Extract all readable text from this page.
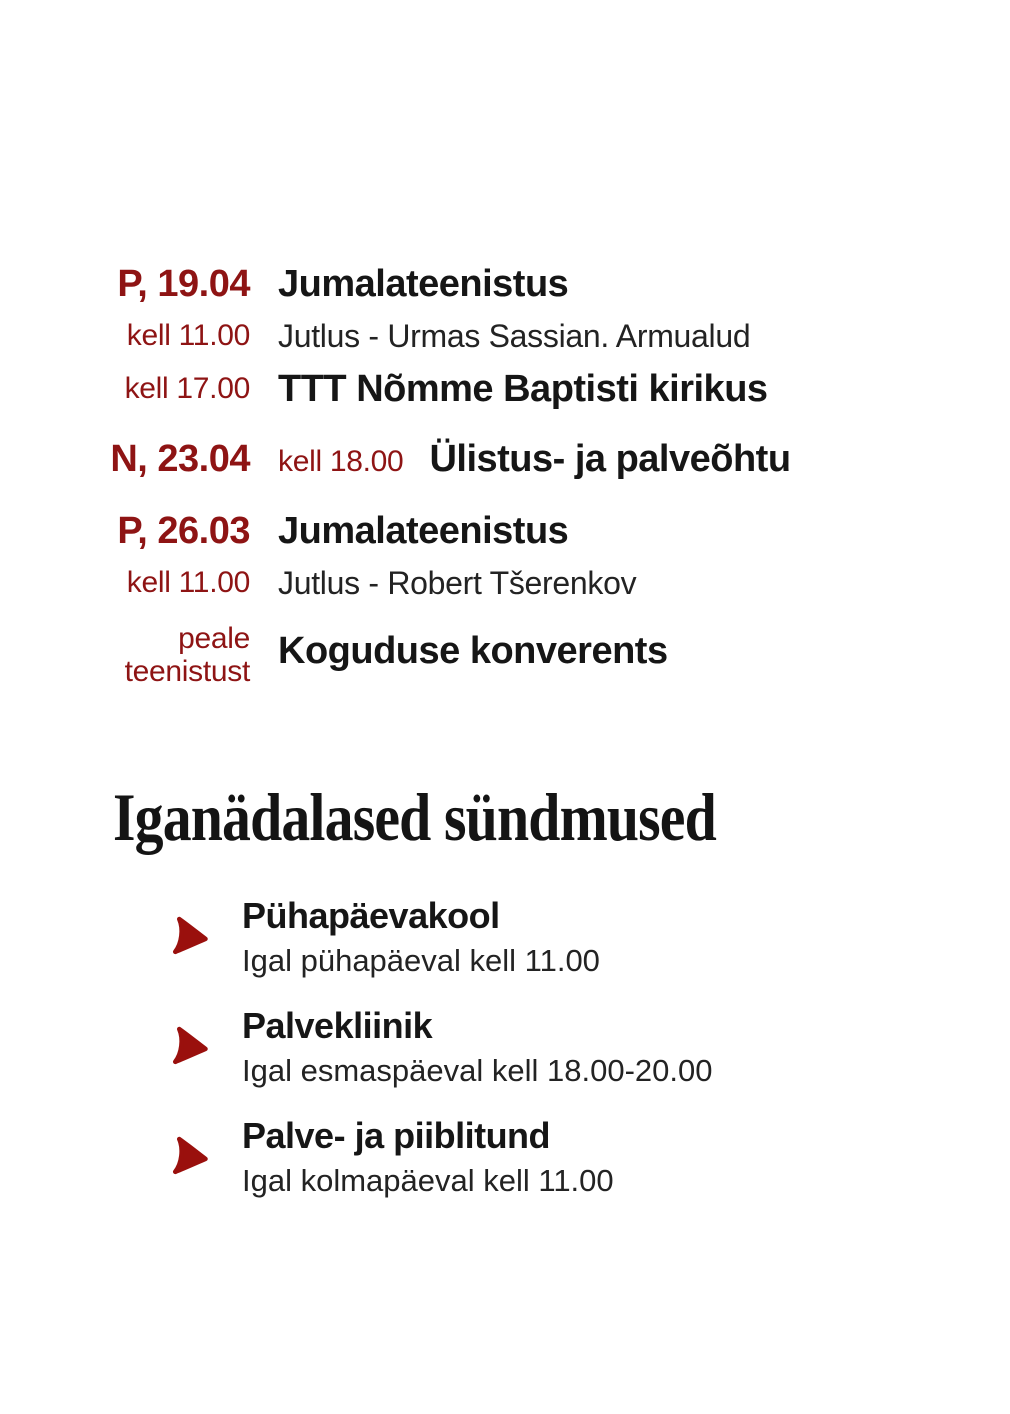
P, 19.04
kell 11.00
Jumalateenistus
Jutlus - Urmas Sassian. Armualud
kell 17.00 TTT Nõmme Baptisti kirikus
N, 23.04 kell 18.00 Ülistus- ja palveõhtu
P, 26.03
kell 11.00
Jumalateenistus
Jutlus - Robert Tšerenkov
peale
teenistust Koguduse konverents
Iganädalased sündmused
Pühapäevakool
Igal pühapäeval kell 11.00
Palvekliinik
Igal esmaspäeval kell 18.00-20.00
Palve- ja piiblitund
Igal kolmapäeval kell 11.00
